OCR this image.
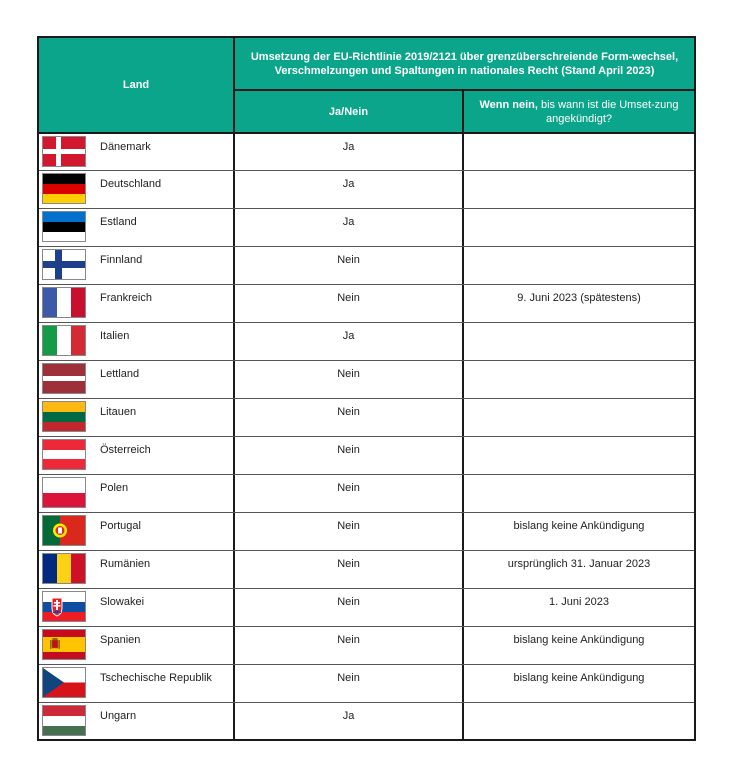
Land
Umsetzung der EU-Richtlinie 2019/2121 über grenzüberschreiende Form-wechsel, Verschmelzungen und Spaltungen in nationales Recht (Stand April 2023)
Ja/Nein
Wenn nein, bis wann ist die Umset-zung angekündigt?
Dänemark	Ja
Deutschland	Ja
Estland	Ja
Finnland	Nein
Frankreich	Nein	9. Juni 2023 (spätestens)
Italien	Ja
Lettland	Nein
Litauen	Nein
Österreich	Nein
Polen	Nein
Portugal	Nein	bislang keine Ankündigung
Rumänien	Nein	ursprünglich 31. Januar 2023
Slowakei	Nein	1. Juni 2023
Spanien	Nein	bislang keine Ankündigung
Tschechische Republik	Nein	bislang keine Ankündigung
Ungarn	Ja
